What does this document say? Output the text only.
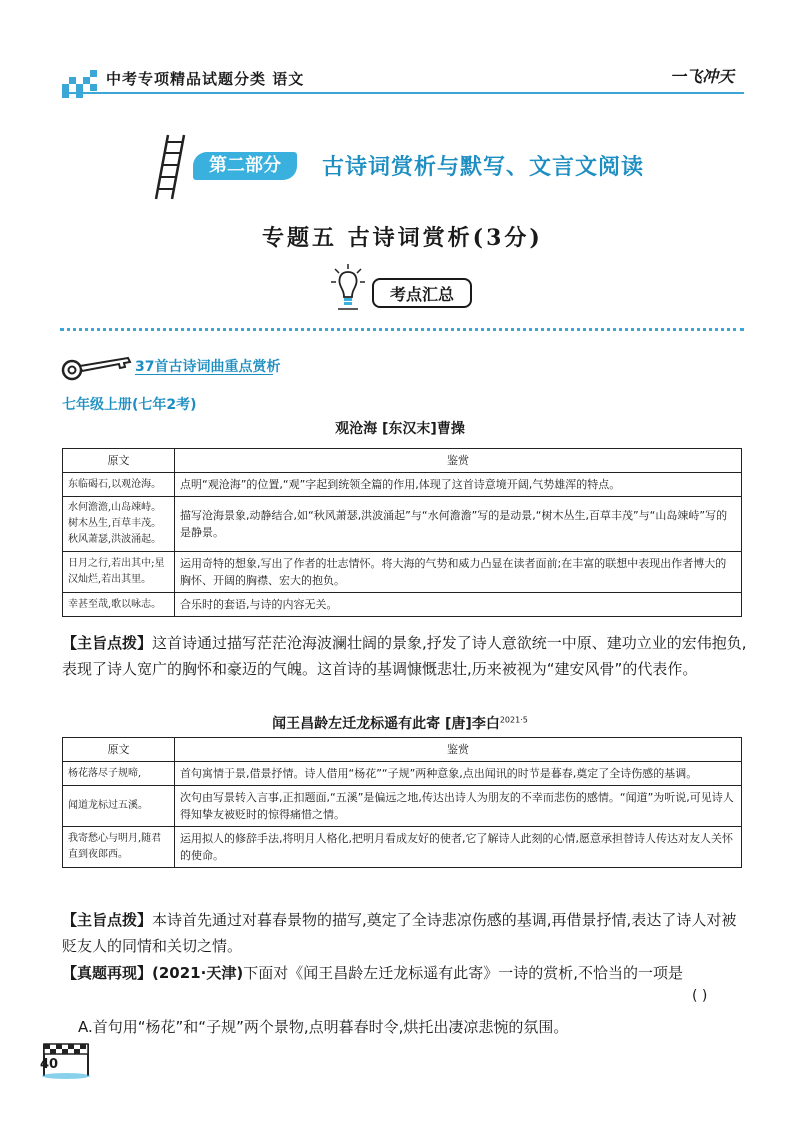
中考专项精品试题分类 语文	一飞冲天
第二部分	古诗词赏析与默写、文言文阅读
专题五 古诗词赏析(3分)
考点汇总
37首古诗词曲重点赏析
七年级上册(七年2考)
观沧海 [东汉末]曹操
原文	鉴赏
东临碣石,以观沧海。	点明“观沧海”的位置,“观”字起到统领全篇的作用,体现了这首诗意境开阔,气势雄浑的特点。
水何澹澹,山岛竦峙。树木丛生,百草丰茂。秋风萧瑟,洪波涌起。	描写沧海景象,动静结合,如“秋风萧瑟,洪波涌起”与“水何澹澹”写的是动景,“树木丛生,百草丰茂”与“山岛竦峙”写的是静景。
日月之行,若出其中;星汉灿烂,若出其里。	运用奇特的想象,写出了作者的壮志情怀。将大海的气势和威力凸显在读者面前;在丰富的联想中表现出作者博大的胸怀、开阔的胸襟、宏大的抱负。
幸甚至哉,歌以咏志。	合乐时的套语,与诗的内容无关。
【主旨点拨】这首诗通过描写茫茫沧海波澜壮阔的景象,抒发了诗人意欲统一中原、建功立业的宏伟抱负,表现了诗人宽广的胸怀和豪迈的气魄。这首诗的基调慷慨悲壮,历来被视为“建安风骨”的代表作。
闻王昌龄左迁龙标遥有此寄 [唐]李白$^{2021\cdot 5}$
原文	鉴赏
杨花落尽子规啼,	首句寓情于景,借景抒情。诗人借用“杨花”“子规”两种意象,点出闻讯的时节是暮春,奠定了全诗伤感的基调。
闻道龙标过五溪。	次句由写景转入言事,正扣题面,“五溪”是偏远之地,传达出诗人为朋友的不幸而悲伤的感情。“闻道”为听说,可见诗人得知挚友被贬时的惊得痛惜之情。
我寄愁心与明月,随君直到夜郎西。	运用拟人的修辞手法,将明月人格化,把明月看成友好的使者,它了解诗人此刻的心情,愿意承担替诗人传达对友人关怀的使命。
【主旨点拨】本诗首先通过对暮春景物的描写,奠定了全诗悲凉伤感的基调,再借景抒情,表达了诗人对被贬友人的同情和关切之情。
【真题再现】(2021·天津)下面对《闻王昌龄左迁龙标遥有此寄》一诗的赏析,不恰当的一项是
( )
A.首句用“杨花”和“子规”两个景物,点明暮春时令,烘托出凄凉悲惋的氛围。
40
